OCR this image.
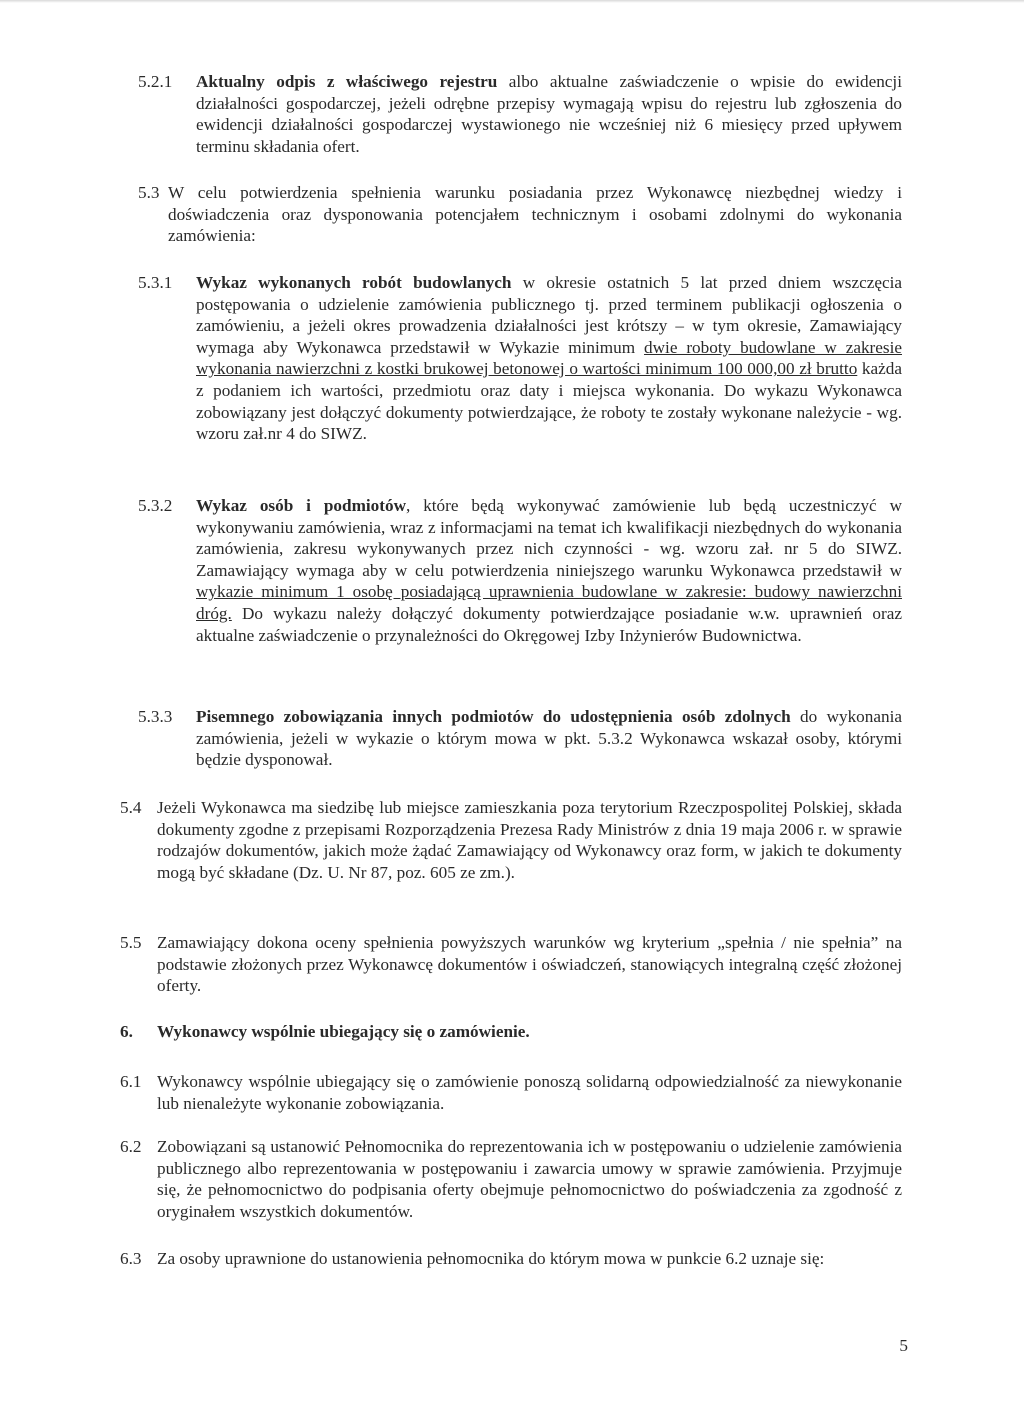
5.2.1 Aktualny odpis z właściwego rejestru albo aktualne zaświadczenie o wpisie do ewidencji działalności gospodarczej, jeżeli odrębne przepisy wymagają wpisu do rejestru lub zgłoszenia do ewidencji działalności gospodarczej wystawionego nie wcześniej niż 6 miesięcy przed upływem terminu składania ofert.

5.3 W celu potwierdzenia spełnienia warunku posiadania przez Wykonawcę niezbędnej wiedzy i doświadczenia oraz dysponowania potencjałem technicznym i osobami zdolnymi do wykonania zamówienia:

5.3.1 Wykaz wykonanych robót budowlanych w okresie ostatnich 5 lat przed dniem wszczęcia postępowania o udzielenie zamówienia publicznego tj. przed terminem publikacji ogłoszenia o zamówieniu, a jeżeli okres prowadzenia działalności jest krótszy – w tym okresie, Zamawiający wymaga aby Wykonawca przedstawił w Wykazie minimum dwie roboty budowlane w zakresie wykonania nawierzchni z kostki brukowej betonowej o wartości minimum 100 000,00 zł brutto każda z podaniem ich wartości, przedmiotu oraz daty i miejsca wykonania. Do wykazu Wykonawca zobowiązany jest dołączyć dokumenty potwierdzające, że roboty te zostały wykonane należycie - wg. wzoru zał.nr 4 do SIWZ.

5.3.2 Wykaz osób i podmiotów, które będą wykonywać zamówienie lub będą uczestniczyć w wykonywaniu zamówienia, wraz z informacjami na temat ich kwalifikacji niezbędnych do wykonania zamówienia, zakresu wykonywanych przez nich czynności - wg. wzoru zał. nr 5 do SIWZ. Zamawiający wymaga aby w celu potwierdzenia niniejszego warunku Wykonawca przedstawił w wykazie minimum 1 osobę posiadającą uprawnienia budowlane w zakresie: budowy nawierzchni dróg. Do wykazu należy dołączyć dokumenty potwierdzające posiadanie w.w. uprawnień oraz aktualne zaświadczenie o przynależności do Okręgowej Izby Inżynierów Budownictwa.

5.3.3 Pisemnego zobowiązania innych podmiotów do udostępnienia osób zdolnych do wykonania zamówienia, jeżeli w wykazie o którym mowa w pkt. 5.3.2 Wykonawca wskazał osoby, którymi będzie dysponował.

5.4 Jeżeli Wykonawca ma siedzibę lub miejsce zamieszkania poza terytorium Rzeczpospolitej Polskiej, składa dokumenty zgodne z przepisami Rozporządzenia Prezesa Rady Ministrów z dnia 19 maja 2006 r. w sprawie rodzajów dokumentów, jakich może żądać Zamawiający od Wykonawcy oraz form, w jakich te dokumenty mogą być składane (Dz. U. Nr 87, poz. 605 ze zm.).

5.5 Zamawiający dokona oceny spełnienia powyższych warunków wg kryterium „spełnia / nie spełnia” na podstawie złożonych przez Wykonawcę dokumentów i oświadczeń, stanowiących integralną część złożonej oferty.

6. Wykonawcy wspólnie ubiegający się o zamówienie.

6.1 Wykonawcy wspólnie ubiegający się o zamówienie ponoszą solidarną odpowiedzialność za niewykonanie lub nienależyte wykonanie zobowiązania.

6.2 Zobowiązani są ustanowić Pełnomocnika do reprezentowania ich w postępowaniu o udzielenie zamówienia publicznego albo reprezentowania w postępowaniu i zawarcia umowy w sprawie zamówienia. Przyjmuje się, że pełnomocnictwo do podpisania oferty obejmuje pełnomocnictwo do poświadczenia za zgodność z oryginałem wszystkich dokumentów.

6.3 Za osoby uprawnione do ustanowienia pełnomocnika do którym mowa w punkcie 6.2 uznaje się:

5
